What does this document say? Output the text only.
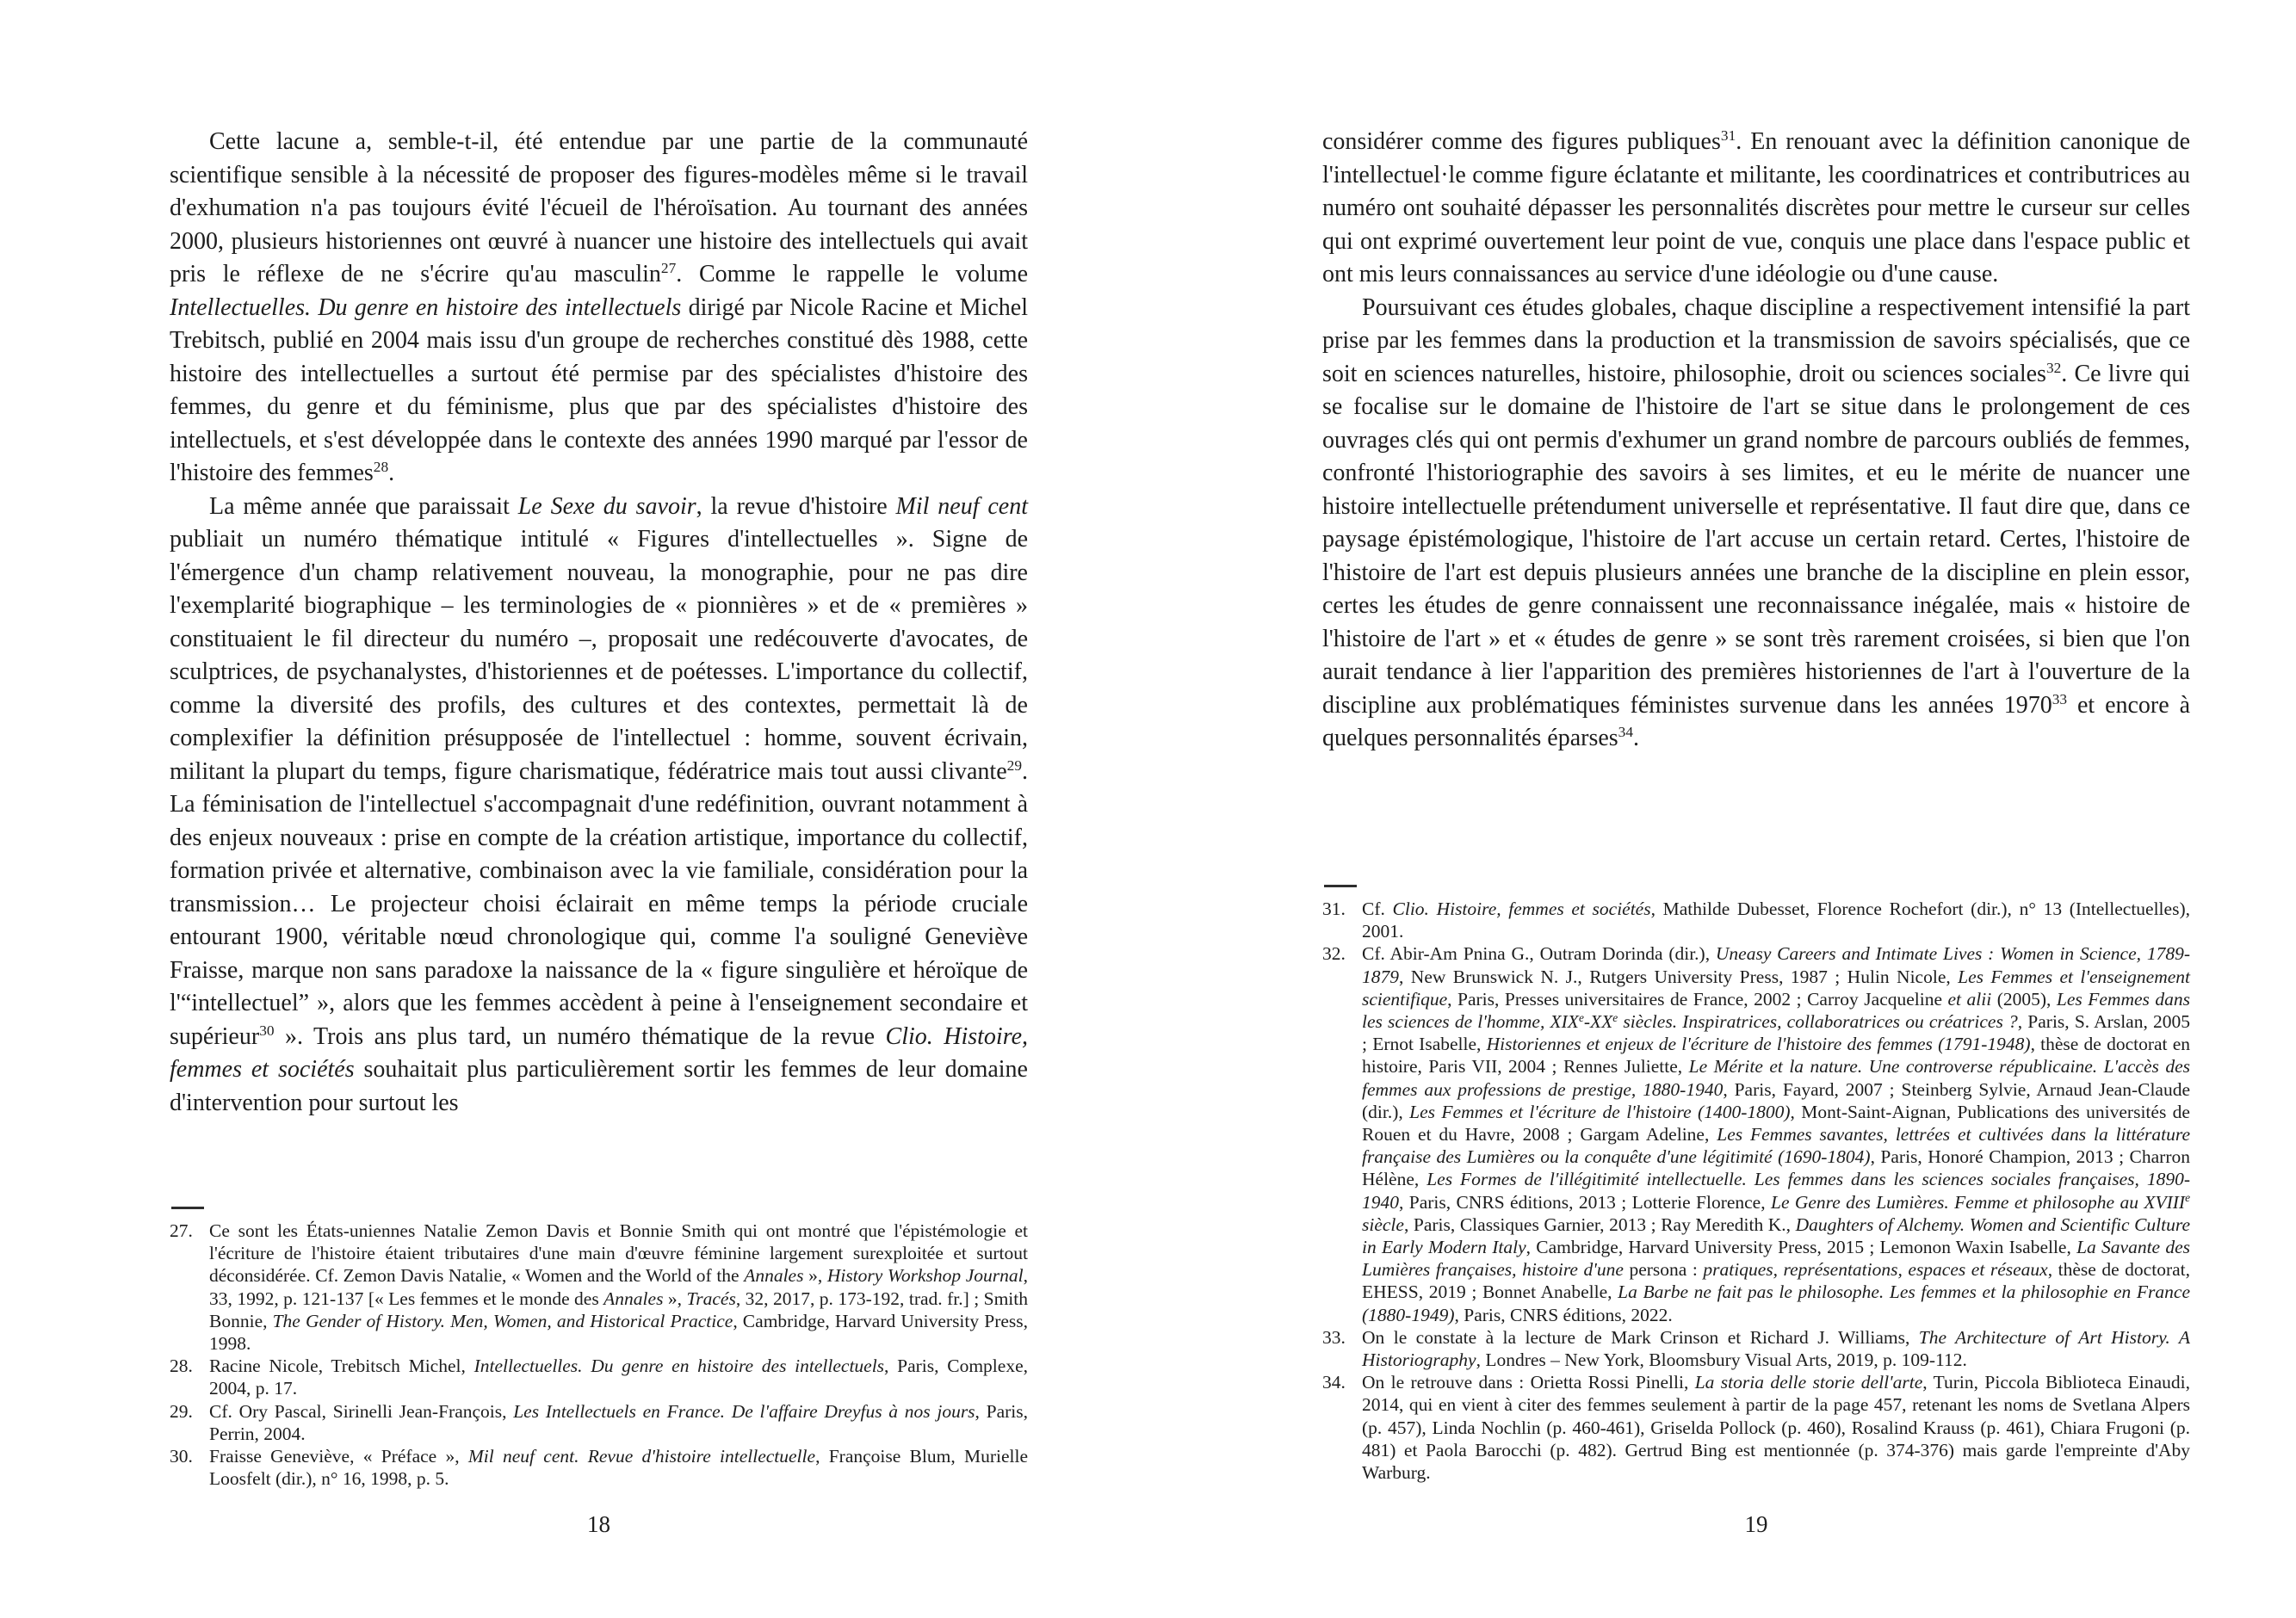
Cette lacune a, semble-t-il, été entendue par une partie de la communauté scientifique sensible à la nécessité de proposer des figures-modèles même si le travail d'exhumation n'a pas toujours évité l'écueil de l'héroïsation. Au tournant des années 2000, plusieurs historiennes ont œuvré à nuancer une histoire des intellectuels qui avait pris le réflexe de ne s'écrire qu'au masculin$^{27}$. Comme le rappelle le volume Intellectuelles. Du genre en histoire des intellectuels dirigé par Nicole Racine et Michel Trebitsch, publié en 2004 mais issu d'un groupe de recherches constitué dès 1988, cette histoire des intellectuelles a surtout été permise par des spécialistes d'histoire des femmes, du genre et du féminisme, plus que par des spécialistes d'histoire des intellectuels, et s'est développée dans le contexte des années 1990 marqué par l'essor de l'histoire des femmes$^{28}$.

La même année que paraissait Le Sexe du savoir, la revue d'histoire Mil neuf cent publiait un numéro thématique intitulé « Figures d'intellectuelles ». Signe de l'émergence d'un champ relativement nouveau, la monographie, pour ne pas dire l'exemplarité biographique – les terminologies de « pionnières » et de « premières » constituaient le fil directeur du numéro –, proposait une redécouverte d'avocates, de sculptrices, de psychanalystes, d'historiennes et de poétesses. L'importance du collectif, comme la diversité des profils, des cultures et des contextes, permettait là de complexifier la définition présupposée de l'intellectuel : homme, souvent écrivain, militant la plupart du temps, figure charismatique, fédératrice mais tout aussi clivante$^{29}$. La féminisation de l'intellectuel s'accompagnait d'une redéfinition, ouvrant notamment à des enjeux nouveaux : prise en compte de la création artistique, importance du collectif, formation privée et alternative, combinaison avec la vie familiale, considération pour la transmission… Le projecteur choisi éclairait en même temps la période cruciale entourant 1900, véritable nœud chronologique qui, comme l'a souligné Geneviève Fraisse, marque non sans paradoxe la naissance de la « figure singulière et héroïque de l'“intellectuel” », alors que les femmes accèdent à peine à l'enseignement secondaire et supérieur$^{30}$ ». Trois ans plus tard, un numéro thématique de la revue Clio. Histoire, femmes et sociétés souhaitait plus particulièrement sortir les femmes de leur domaine d'intervention pour surtout les

27. Ce sont les États-uniennes Natalie Zemon Davis et Bonnie Smith qui ont montré que l'épistémologie et l'écriture de l'histoire étaient tributaires d'une main d'œuvre féminine largement surexploitée et surtout déconsidérée. Cf. Zemon Davis Natalie, « Women and the World of the Annales », History Workshop Journal, 33, 1992, p. 121-137 [« Les femmes et le monde des Annales », Tracés, 32, 2017, p. 173-192, trad. fr.] ; Smith Bonnie, The Gender of History. Men, Women, and Historical Practice, Cambridge, Harvard University Press, 1998.
28. Racine Nicole, Trebitsch Michel, Intellectuelles. Du genre en histoire des intellectuels, Paris, Complexe, 2004, p. 17.
29. Cf. Ory Pascal, Sirinelli Jean-François, Les Intellectuels en France. De l'affaire Dreyfus à nos jours, Paris, Perrin, 2004.
30. Fraisse Geneviève, « Préface », Mil neuf cent. Revue d'histoire intellectuelle, Françoise Blum, Murielle Loosfelt (dir.), n° 16, 1998, p. 5.
18

considérer comme des figures publiques$^{31}$. En renouant avec la définition canonique de l'intellectuel·le comme figure éclatante et militante, les coordinatrices et contributrices au numéro ont souhaité dépasser les personnalités discrètes pour mettre le curseur sur celles qui ont exprimé ouvertement leur point de vue, conquis une place dans l'espace public et ont mis leurs connaissances au service d'une idéologie ou d'une cause.

Poursuivant ces études globales, chaque discipline a respectivement intensifié la part prise par les femmes dans la production et la transmission de savoirs spécialisés, que ce soit en sciences naturelles, histoire, philosophie, droit ou sciences sociales$^{32}$. Ce livre qui se focalise sur le domaine de l'histoire de l'art se situe dans le prolongement de ces ouvrages clés qui ont permis d'exhumer un grand nombre de parcours oubliés de femmes, confronté l'historiographie des savoirs à ses limites, et eu le mérite de nuancer une histoire intellectuelle prétendument universelle et représentative. Il faut dire que, dans ce paysage épistémologique, l'histoire de l'art accuse un certain retard. Certes, l'histoire de l'histoire de l'art est depuis plusieurs années une branche de la discipline en plein essor, certes les études de genre connaissent une reconnaissance inégalée, mais « histoire de l'histoire de l'art » et « études de genre » se sont très rarement croisées, si bien que l'on aurait tendance à lier l'apparition des premières historiennes de l'art à l'ouverture de la discipline aux problématiques féministes survenue dans les années 1970$^{33}$ et encore à quelques personnalités éparses$^{34}$.

31. Cf. Clio. Histoire, femmes et sociétés, Mathilde Dubesset, Florence Rochefort (dir.), n° 13 (Intellectuelles), 2001.
32. Cf. Abir-Am Pnina G., Outram Dorinda (dir.), Uneasy Careers and Intimate Lives : Women in Science, 1789-1879, New Brunswick N. J., Rutgers University Press, 1987 ; Hulin Nicole, Les Femmes et l'enseignement scientifique, Paris, Presses universitaires de France, 2002 ; Carroy Jacqueline et alii (2005), Les Femmes dans les sciences de l'homme, XIXe-XXe siècles. Inspiratrices, collaboratrices ou créatrices ?, Paris, S. Arslan, 2005 ; Ernot Isabelle, Historiennes et enjeux de l'écriture de l'histoire des femmes (1791-1948), thèse de doctorat en histoire, Paris VII, 2004 ; Rennes Juliette, Le Mérite et la nature. Une controverse républicaine. L'accès des femmes aux professions de prestige, 1880-1940, Paris, Fayard, 2007 ; Steinberg Sylvie, Arnaud Jean-Claude (dir.), Les Femmes et l'écriture de l'histoire (1400-1800), Mont-Saint-Aignan, Publications des universités de Rouen et du Havre, 2008 ; Gargam Adeline, Les Femmes savantes, lettrées et cultivées dans la littérature française des Lumières ou la conquête d'une légitimité (1690-1804), Paris, Honoré Champion, 2013 ; Charron Hélène, Les Formes de l'illégitimité intellectuelle. Les femmes dans les sciences sociales françaises, 1890-1940, Paris, CNRS éditions, 2013 ; Lotterie Florence, Le Genre des Lumières. Femme et philosophe au XVIIIe siècle, Paris, Classiques Garnier, 2013 ; Ray Meredith K., Daughters of Alchemy. Women and Scientific Culture in Early Modern Italy, Cambridge, Harvard University Press, 2015 ; Lemonon Waxin Isabelle, La Savante des Lumières françaises, histoire d'une persona : pratiques, représentations, espaces et réseaux, thèse de doctorat, EHESS, 2019 ; Bonnet Anabelle, La Barbe ne fait pas le philosophe. Les femmes et la philosophie en France (1880-1949), Paris, CNRS éditions, 2022.
33. On le constate à la lecture de Mark Crinson et Richard J. Williams, The Architecture of Art History. A Historiography, Londres – New York, Bloomsbury Visual Arts, 2019, p. 109-112.
34. On le retrouve dans : Orietta Rossi Pinelli, La storia delle storie dell'arte, Turin, Piccola Biblioteca Einaudi, 2014, qui en vient à citer des femmes seulement à partir de la page 457, retenant les noms de Svetlana Alpers (p. 457), Linda Nochlin (p. 460-461), Griselda Pollock (p. 460), Rosalind Krauss (p. 461), Chiara Frugoni (p. 481) et Paola Barocchi (p. 482). Gertrud Bing est mentionnée (p. 374-376) mais garde l'empreinte d'Aby Warburg.
19
